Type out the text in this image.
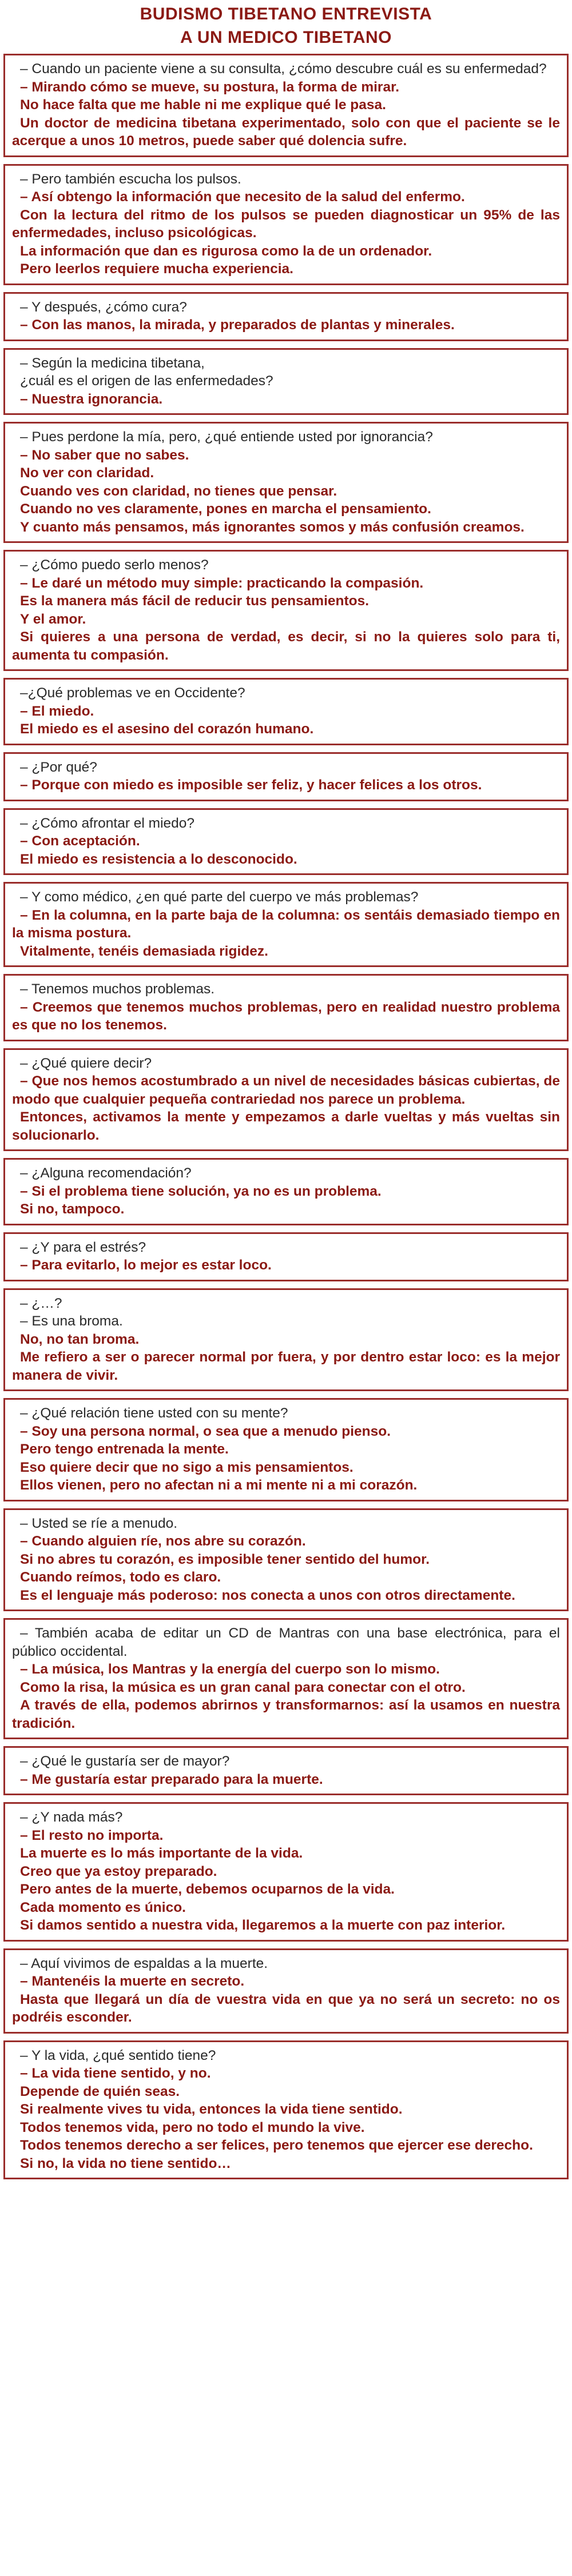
BUDISMO TIBETANO ENTREVISTA
A UN MEDICO TIBETANO
– Cuando un paciente viene a su consulta, ¿cómo descubre cuál es su enfermedad?
– Mirando cómo se mueve, su postura, la forma de mirar.
No hace falta que me hable ni me explique qué le pasa.
Un doctor de medicina tibetana experimentado, solo con que el paciente se le acerque a unos 10 metros, puede saber qué dolencia sufre.
– Pero también escucha los pulsos.
– Así obtengo la información que necesito de la salud del enfermo.
Con la lectura del ritmo de los pulsos se pueden diagnosticar un 95% de las enfermedades, incluso psicológicas.
La información que dan es rigurosa como la de un ordenador.
Pero leerlos requiere mucha experiencia.
– Y después, ¿cómo cura?
– Con las manos, la mirada, y preparados de plantas y minerales.
– Según la medicina tibetana,
¿cuál es el origen de las enfermedades?
– Nuestra ignorancia.
– Pues perdone la mía, pero, ¿qué entiende usted por ignorancia?
– No saber que no sabes.
No ver con claridad.
Cuando ves con claridad, no tienes que pensar.
Cuando no ves claramente, pones en marcha el pensamiento.
Y cuanto más pensamos, más ignorantes somos y más confusión creamos.
– ¿Cómo puedo serlo menos?
– Le daré un método muy simple: practicando la compasión.
Es la manera más fácil de reducir tus pensamientos.
Y el amor.
Si quieres a una persona de verdad, es decir, si no la quieres solo para ti, aumenta tu compasión.
–¿Qué problemas ve en Occidente?
– El miedo.
El miedo es el asesino del corazón humano.
– ¿Por qué?
– Porque con miedo es imposible ser feliz, y hacer felices a los otros.
– ¿Cómo afrontar el miedo?
– Con aceptación.
El miedo es resistencia a lo desconocido.
– Y como médico, ¿en qué parte del cuerpo ve más problemas?
– En la columna, en la parte baja de la columna: os sentáis demasiado tiempo en la misma postura.
Vitalmente, tenéis demasiada rigidez.
– Tenemos muchos problemas.
– Creemos que tenemos muchos problemas, pero en realidad nuestro problema es que no los tenemos.
– ¿Qué quiere decir?
– Que nos hemos acostumbrado a un nivel de necesidades básicas cubiertas, de modo que cualquier pequeña contrariedad nos parece un problema.
Entonces, activamos la mente y empezamos a darle vueltas y más vueltas sin solucionarlo.
– ¿Alguna recomendación?
– Si el problema tiene solución, ya no es un problema.
Si no, tampoco.
– ¿Y para el estrés?
– Para evitarlo, lo mejor es estar loco.
– ¿…?
– Es una broma.
No, no tan broma.
Me refiero a ser o parecer normal por fuera, y por dentro estar loco: es la mejor manera de vivir.
– ¿Qué relación tiene usted con su mente?
– Soy una persona normal, o sea que a menudo pienso.
Pero tengo entrenada la mente.
Eso quiere decir que no sigo a mis pensamientos.
Ellos vienen, pero no afectan ni a mi mente ni a mi corazón.
– Usted se ríe a menudo.
– Cuando alguien ríe, nos abre su corazón.
Si no abres tu corazón, es imposible tener sentido del humor.
Cuando reímos, todo es claro.
Es el lenguaje más poderoso: nos conecta a unos con otros directamente.
– También acaba de editar un CD de Mantras con una base electrónica, para el público occidental.
– La música, los Mantras y la energía del cuerpo son lo mismo.
Como la risa, la música es un gran canal para conectar con el otro.
A través de ella, podemos abrirnos y transformarnos: así la usamos en nuestra tradición.
– ¿Qué le gustaría ser de mayor?
– Me gustaría estar preparado para la muerte.
– ¿Y nada más?
– El resto no importa.
La muerte es lo más importante de la vida.
Creo que ya estoy preparado.
Pero antes de la muerte, debemos ocuparnos de la vida.
Cada momento es único.
Si damos sentido a nuestra vida, llegaremos a la muerte con paz interior.
– Aquí vivimos de espaldas a la muerte.
– Mantenéis la muerte en secreto.
Hasta que llegará un día de vuestra vida en que ya no será un secreto: no os podréis esconder.
– Y la vida, ¿qué sentido tiene?
– La vida tiene sentido, y no.
Depende de quién seas.
Si realmente vives tu vida, entonces la vida tiene sentido.
Todos tenemos vida, pero no todo el mundo la vive.
Todos tenemos derecho a ser felices, pero tenemos que ejercer ese derecho.
Si no, la vida no tiene sentido…
